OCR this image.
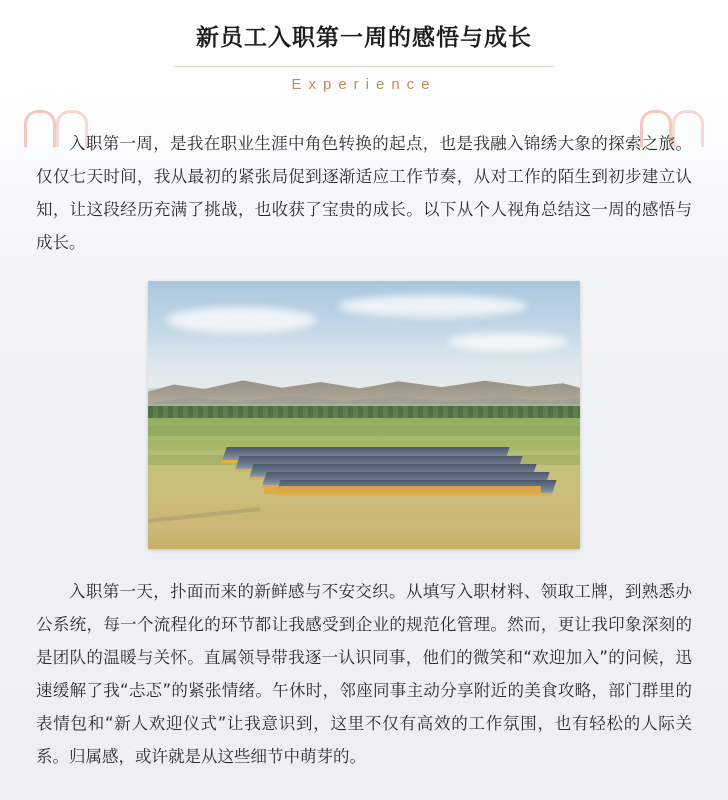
新员工入职第一周的感悟与成长
Experience

入职第一周，是我在职业生涯中角色转换的起点，也是我融入锦绣大象的探索之旅。仅仅七天时间，我从最初的紧张局促到逐渐适应工作节奏，从对工作的陌生到初步建立认知，让这段经历充满了挑战，也收获了宝贵的成长。以下从个人视角总结这一周的感悟与成长。

入职第一天，扑面而来的新鲜感与不安交织。从填写入职材料、领取工牌，到熟悉办公系统，每一个流程化的环节都让我感受到企业的规范化管理。然而，更让我印象深刻的是团队的温暖与关怀。直属领导带我逐一认识同事，他们的微笑和“欢迎加入”的问候，迅速缓解了我“忐忑”的紧张情绪。午休时，邻座同事主动分享附近的美食攻略，部门群里的表情包和“新人欢迎仪式”让我意识到，这里不仅有高效的工作氛围，也有轻松的人际关系。归属感，或许就是从这些细节中萌芽的。
